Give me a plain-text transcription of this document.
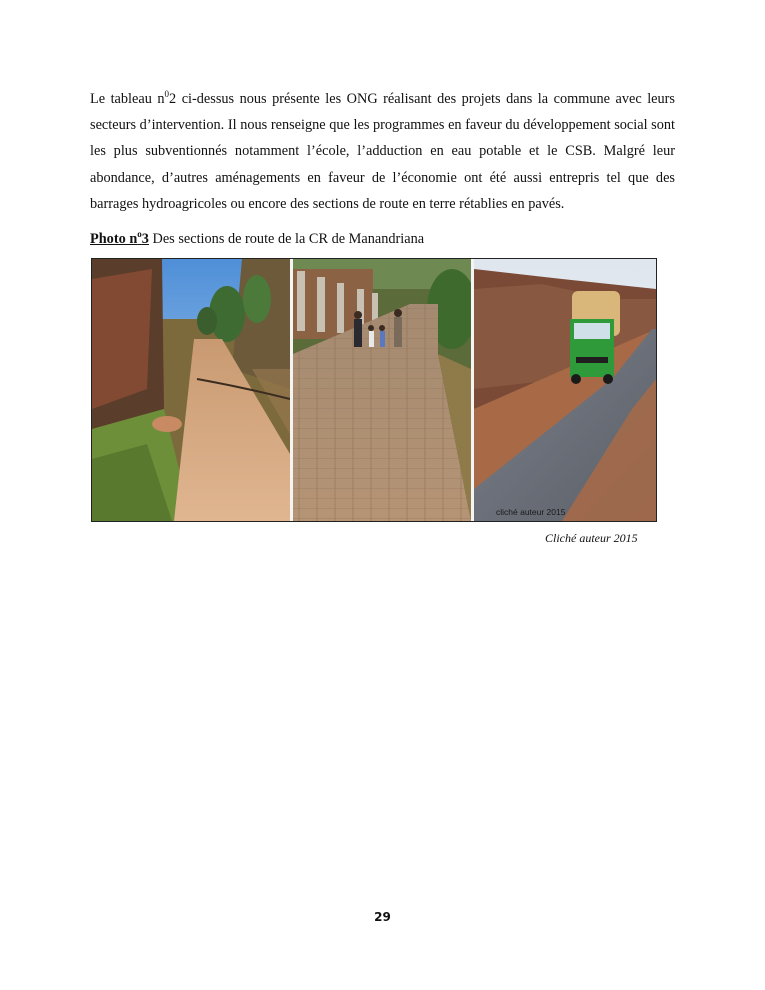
Le tableau $n^02$ ci-dessus nous présente les ONG réalisant des projets dans la commune avec leurs secteurs d’intervention. Il nous renseigne que les programmes en faveur du développement social sont les plus subventionnés notamment l’école, l’adduction en eau potable et le CSB. Malgré leur abondance, d’autres aménagements en faveur de l’économie ont été aussi entrepris tel que des barrages hydroagricoles ou encore des sections de route en terre rétablies en pavés.

Photo $n^o3$ Des sections de route de la CR de Manandriana
cliché auteur 2015
Cliché auteur 2015
29
